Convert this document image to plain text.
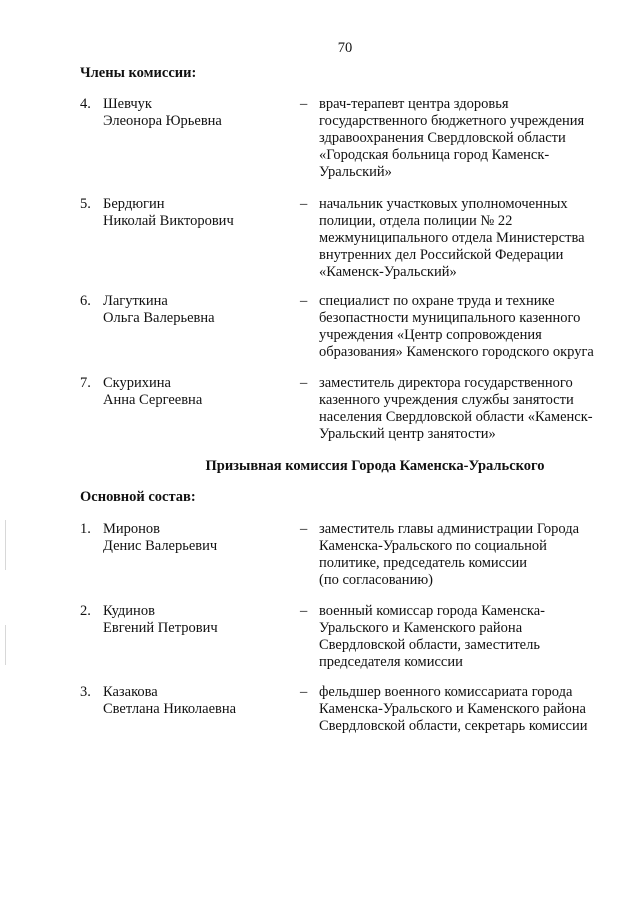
70
Члены комиссии:
4. Шевчук
Элеонора Юрьевна
– врач-терапевт центра здоровья
государственного бюджетного учреждения
здравоохранения Свердловской области
«Городская больница город Каменск-
Уральский»
5. Бердюгин
Николай Викторович
– начальник участковых уполномоченных
полиции, отдела полиции № 22
межмуниципального отдела Министерства
внутренних дел Российской Федерации
«Каменск-Уральский»
6. Лагуткина
Ольга Валерьевна
– специалист по охране труда и технике
безопастности муниципального казенного
учреждения «Центр сопровождения
образования» Каменского городского округа
7. Скурихина
Анна Сергеевна
– заместитель директора государственного
казенного учреждения службы занятости
населения Свердловской области «Каменск-
Уральский центр занятости»
Призывная комиссия Города Каменска-Уральского
Основной состав:
1. Миронов
Денис Валерьевич
– заместитель главы администрации Города
Каменска-Уральского по социальной
политике, председатель комиссии
(по согласованию)
2. Кудинов
Евгений Петрович
– военный комиссар города Каменска-
Уральского и Каменского района
Свердловской области, заместитель
председателя комиссии
3. Казакова
Светлана Николаевна
– фельдшер военного комиссариата города
Каменска-Уральского и Каменского района
Свердловской области, секретарь комиссии
